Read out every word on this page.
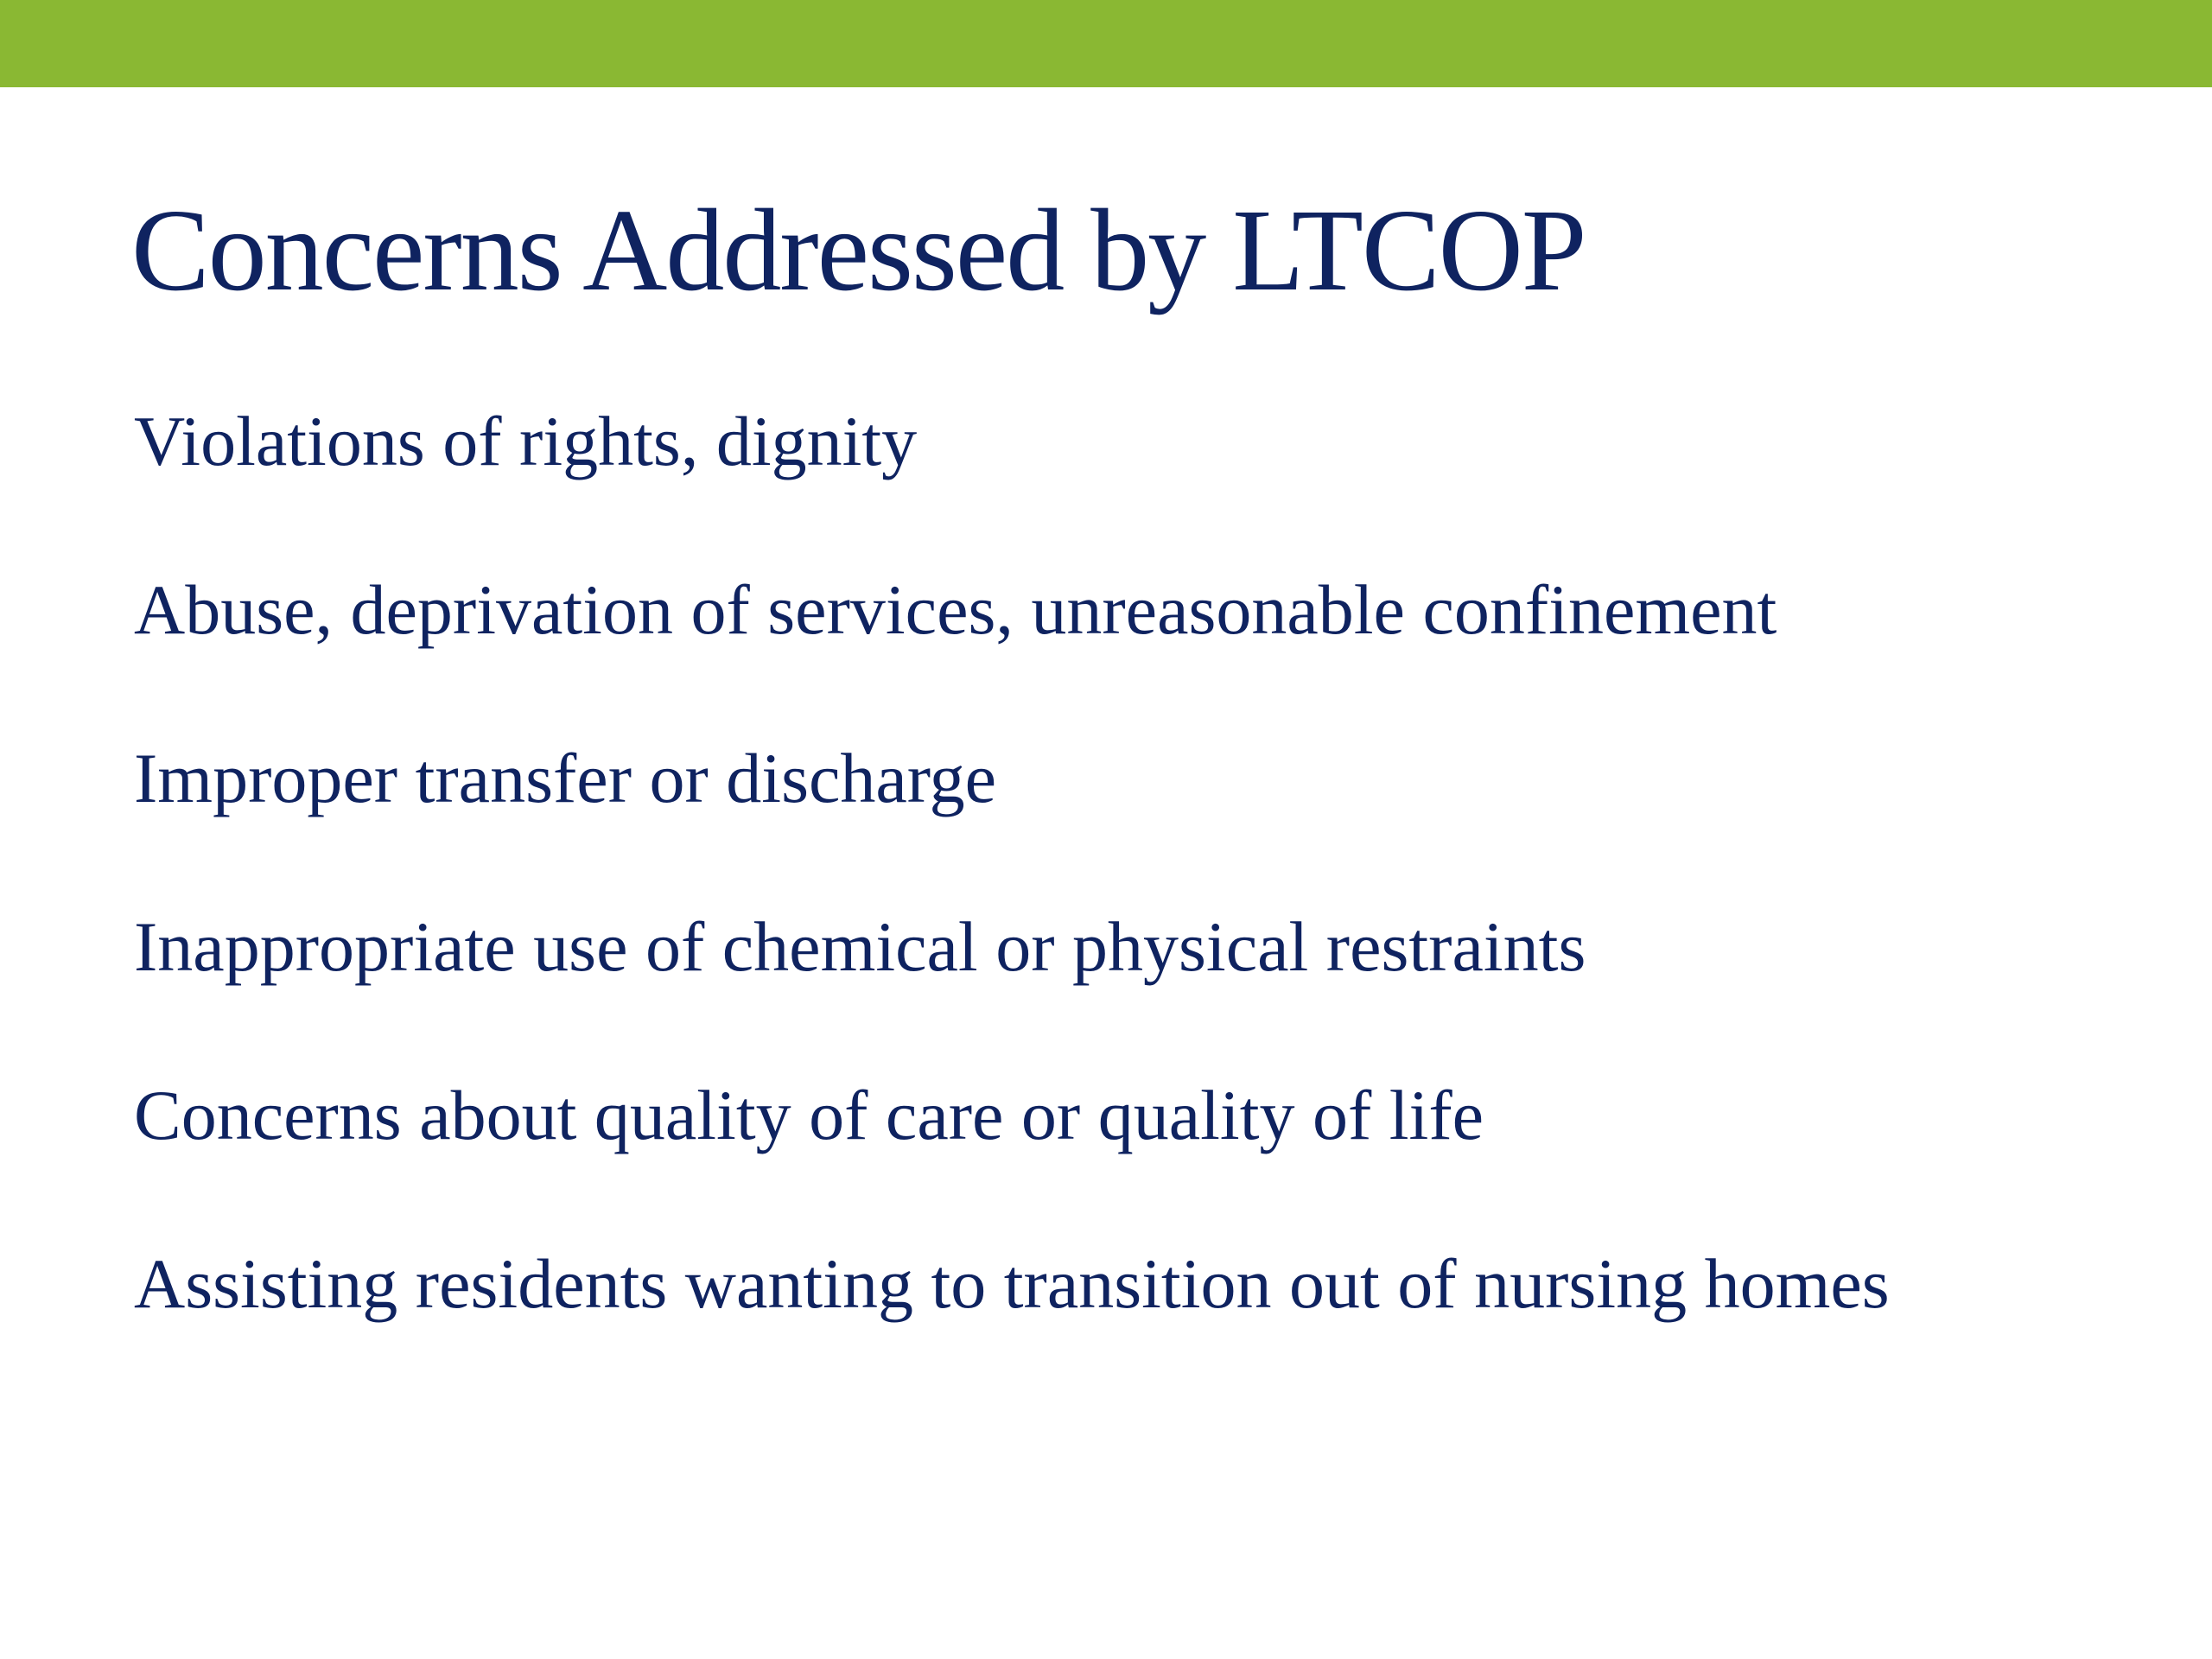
Concerns Addressed by LTCOP
Violations of rights, dignity
Abuse, deprivation of services, unreasonable confinement
Improper transfer or discharge
Inappropriate use of chemical or physical restraints
Concerns about quality of care or quality of life
Assisting residents wanting to transition out of nursing homes
